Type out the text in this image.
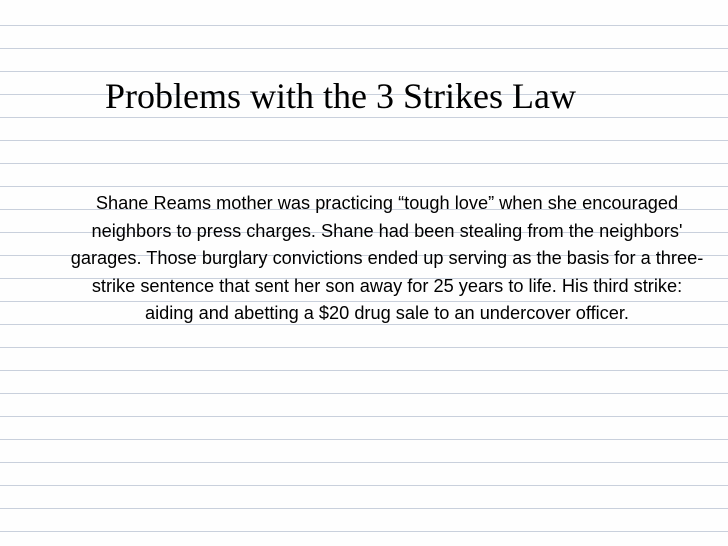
Problems with the 3 Strikes Law

Shane Reams mother was practicing “tough love” when she encouraged neighbors to press charges. Shane had been stealing from the neighbors' garages. Those burglary convictions ended up serving as the basis for a three-strike sentence that sent her son away for 25 years to life. His third strike: aiding and abetting a $20 drug sale to an undercover officer.
